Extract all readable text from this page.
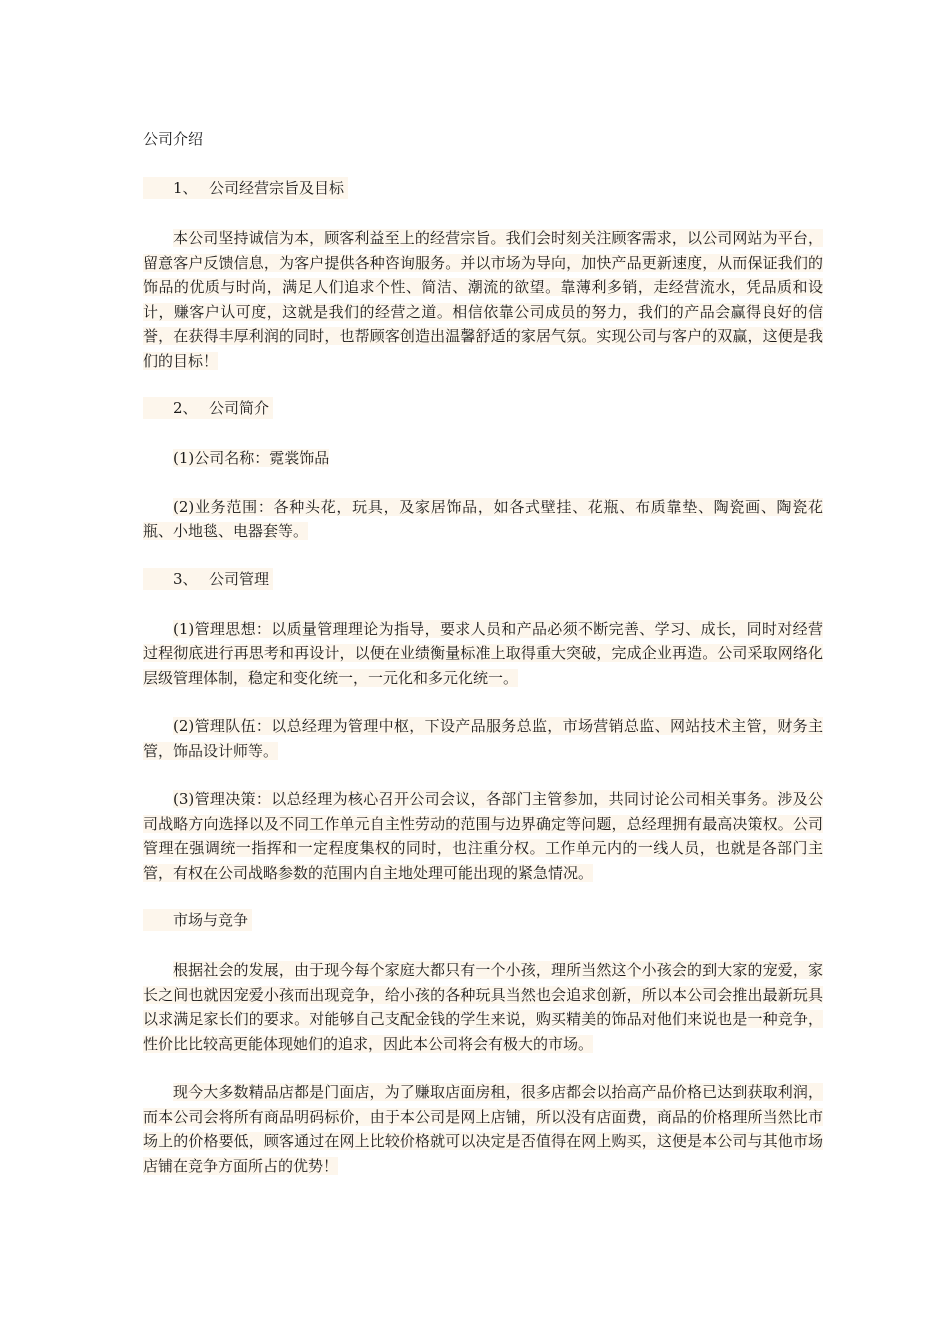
公司介绍
1、 公司经营宗旨及目标

本公司坚持诚信为本，顾客利益至上的经营宗旨。我们会时刻关注顾客需求，以公司网站为平台，留意客户反馈信息，为客户提供各种咨询服务。并以市场为导向，加快产品更新速度，从而保证我们的饰品的优质与时尚，满足人们追求个性、简洁、潮流的欲望。靠薄利多销，走经营流水，凭品质和设计，赚客户认可度，这就是我们的经营之道。相信依靠公司成员的努力，我们的产品会赢得良好的信誉，在获得丰厚利润的同时，也帮顾客创造出温馨舒适的家居气氛。实现公司与客户的双赢，这便是我们的目标！

2、 公司简介

(1)公司名称：霓裳饰品

(2)业务范围：各种头花，玩具，及家居饰品，如各式壁挂、花瓶、布质靠垫、陶瓷画、陶瓷花瓶、小地毯、电器套等。

3、 公司管理

(1)管理思想：以质量管理理论为指导，要求人员和产品必须不断完善、学习、成长，同时对经营过程彻底进行再思考和再设计，以便在业绩衡量标准上取得重大突破，完成企业再造。公司采取网络化层级管理体制，稳定和变化统一，一元化和多元化统一。

(2)管理队伍：以总经理为管理中枢，下设产品服务总监，市场营销总监、网站技术主管，财务主管，饰品设计师等。

(3)管理决策：以总经理为核心召开公司会议，各部门主管参加，共同讨论公司相关事务。涉及公司战略方向选择以及不同工作单元自主性劳动的范围与边界确定等问题，总经理拥有最高决策权。公司管理在强调统一指挥和一定程度集权的同时，也注重分权。工作单元内的一线人员，也就是各部门主管，有权在公司战略参数的范围内自主地处理可能出现的紧急情况。

市场与竞争

根据社会的发展，由于现今每个家庭大都只有一个小孩，理所当然这个小孩会的到大家的宠爱，家长之间也就因宠爱小孩而出现竞争，给小孩的各种玩具当然也会追求创新，所以本公司会推出最新玩具以求满足家长们的要求。对能够自己支配金钱的学生来说，购买精美的饰品对他们来说也是一种竞争，性价比比较高更能体现她们的追求，因此本公司将会有极大的市场。

现今大多数精品店都是门面店，为了赚取店面房租，很多店都会以抬高产品价格已达到获取利润，而本公司会将所有商品明码标价，由于本公司是网上店铺，所以没有店面费，商品的价格理所当然比市场上的价格要低，顾客通过在网上比较价格就可以决定是否值得在网上购买，这便是本公司与其他市场店铺在竞争方面所占的优势！
